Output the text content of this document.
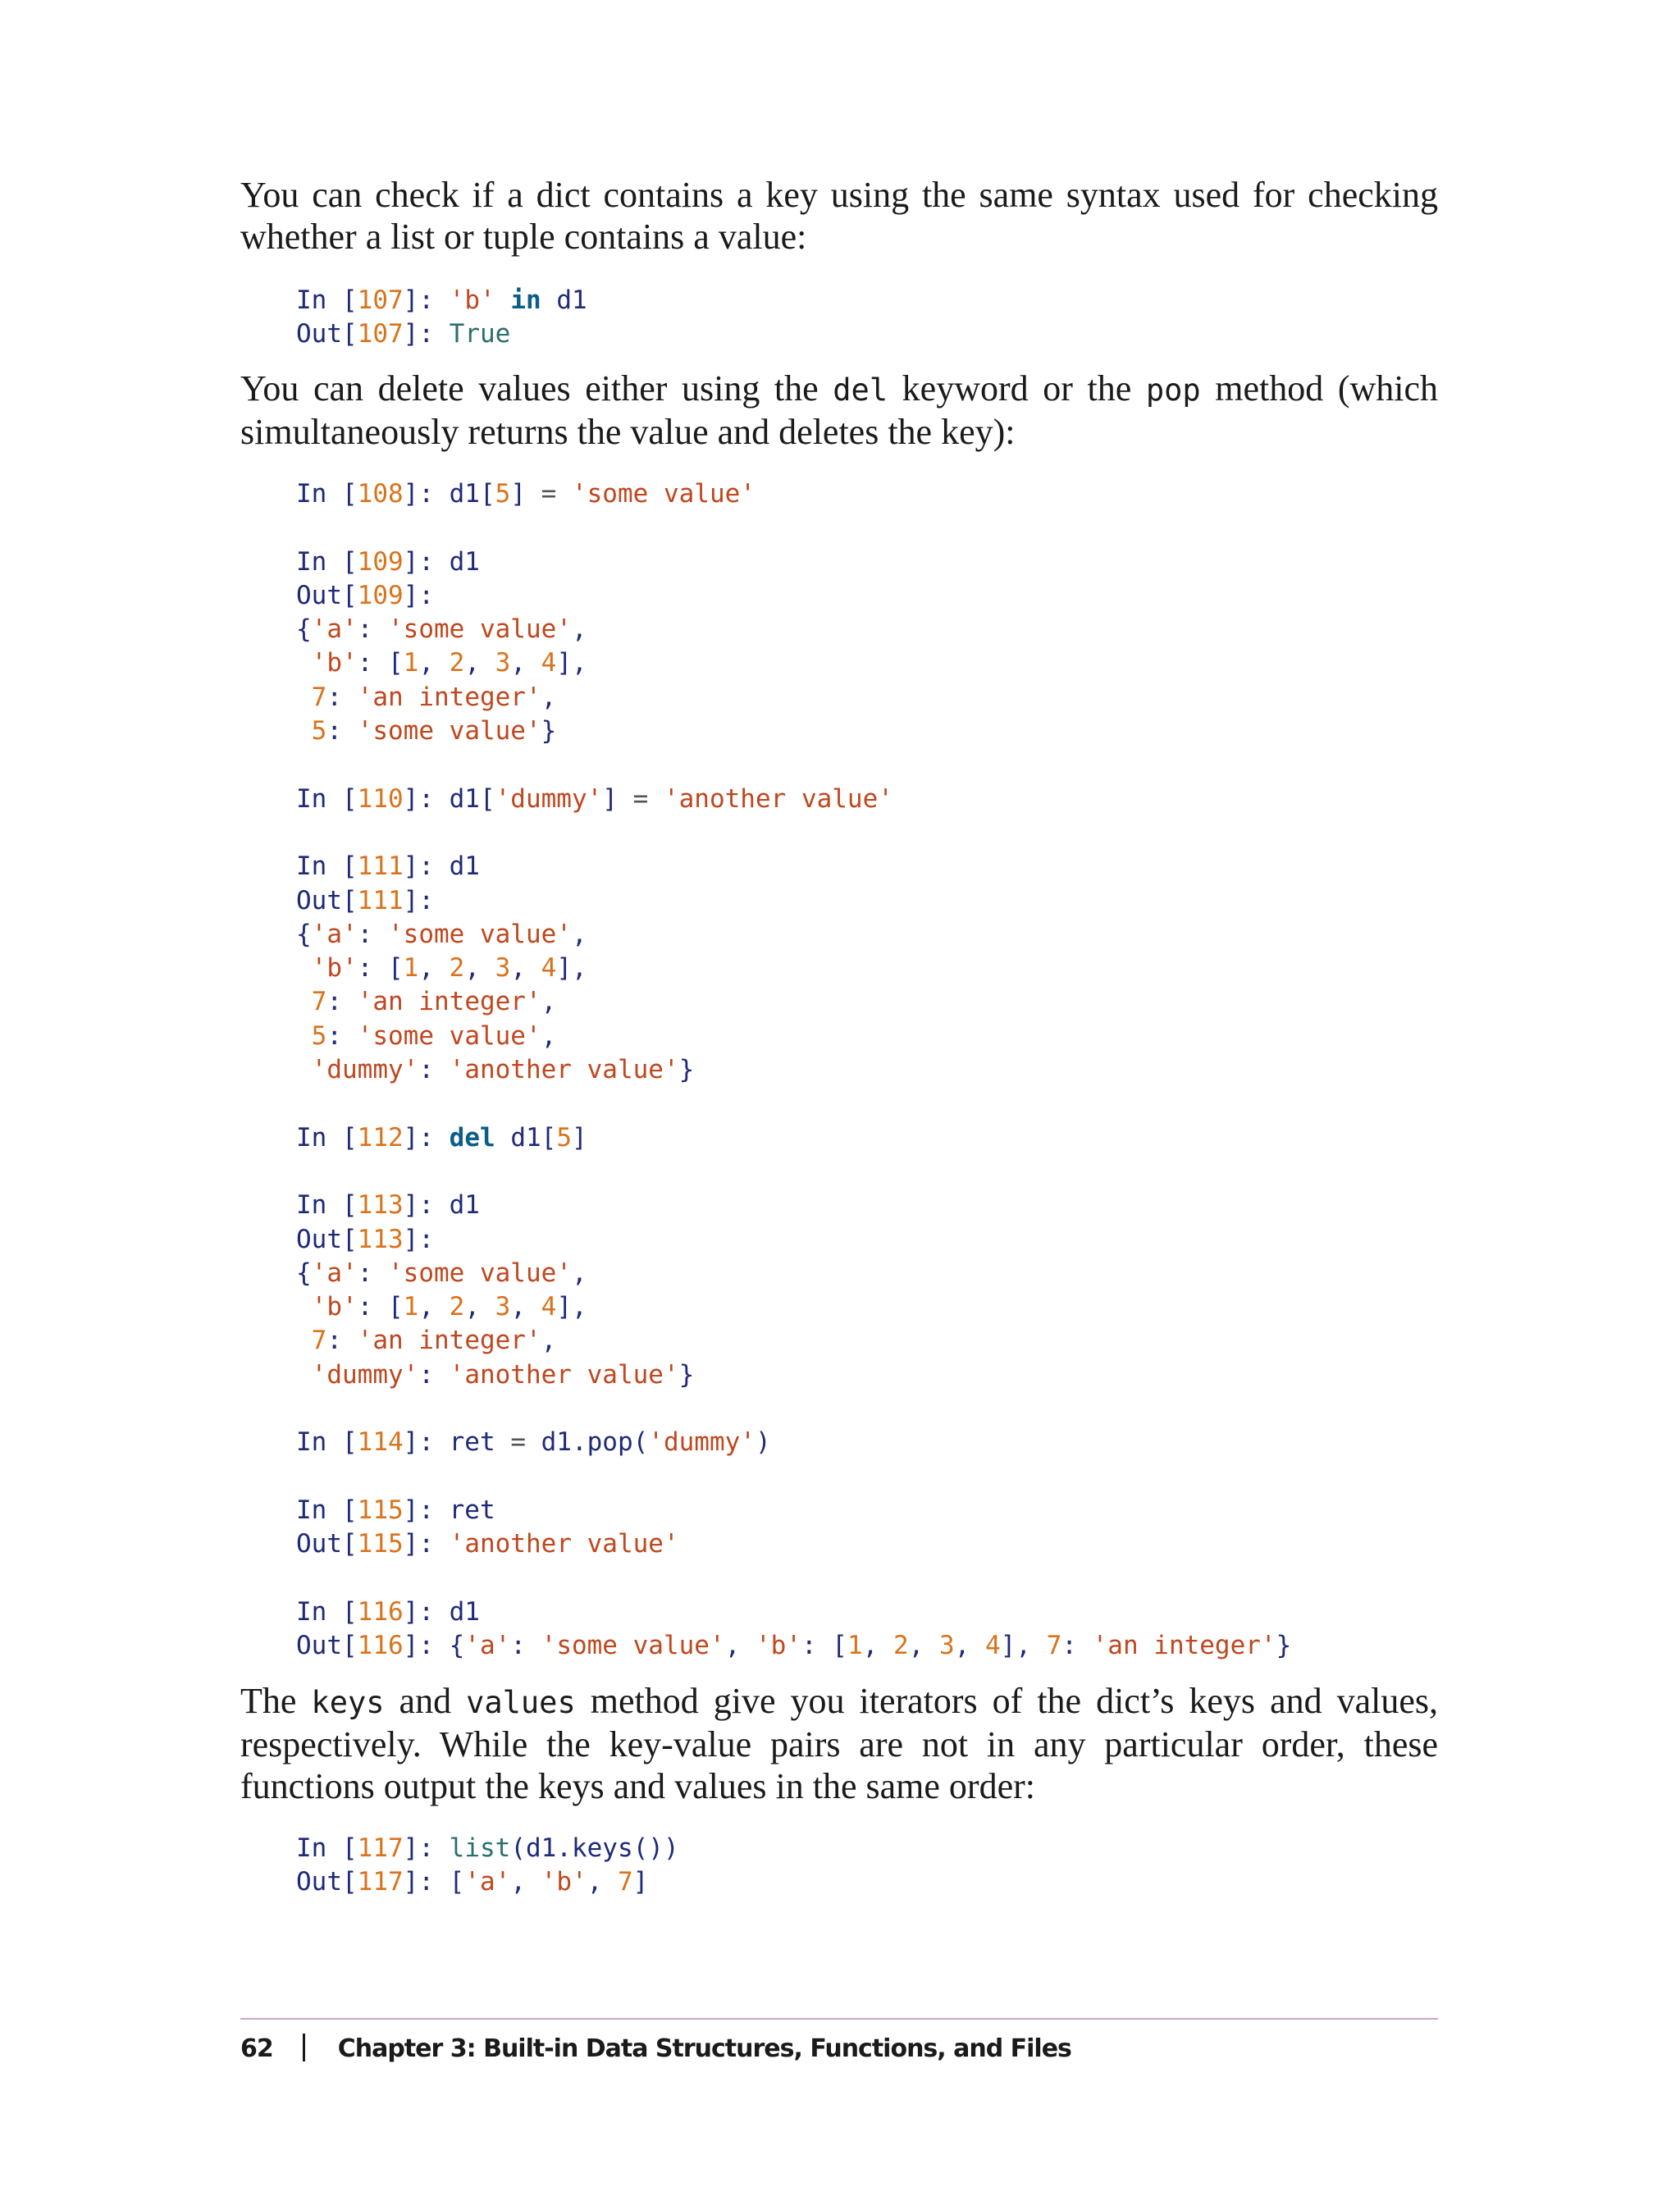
You can check if a dict contains a key using the same syntax used for checking whether a list or tuple contains a value:

In [107]: 'b' in d1
Out[107]: True

You can delete values either using the del keyword or the pop method (which simultaneously returns the value and deletes the key):

In [108]: d1[5] = 'some value'

In [109]: d1
Out[109]:
{'a': 'some value',
'b': [1, 2, 3, 4],
7: 'an integer',
5: 'some value'}

In [110]: d1['dummy'] = 'another value'

In [111]: d1
Out[111]:
{'a': 'some value',
'b': [1, 2, 3, 4],
7: 'an integer',
5: 'some value',
'dummy': 'another value'}

In [112]: del d1[5]

In [113]: d1
Out[113]:
{'a': 'some value',
'b': [1, 2, 3, 4],
7: 'an integer',
'dummy': 'another value'}

In [114]: ret = d1.pop('dummy')

In [115]: ret
Out[115]: 'another value'

In [116]: d1
Out[116]: {'a': 'some value', 'b': [1, 2, 3, 4], 7: 'an integer'}

The keys and values method give you iterators of the dict’s keys and values, respectively. While the key-value pairs are not in any particular order, these functions output the keys and values in the same order:

In [117]: list(d1.keys())
Out[117]: ['a', 'b', 7]
62	Chapter 3: Built-in Data Structures, Functions, and Files
